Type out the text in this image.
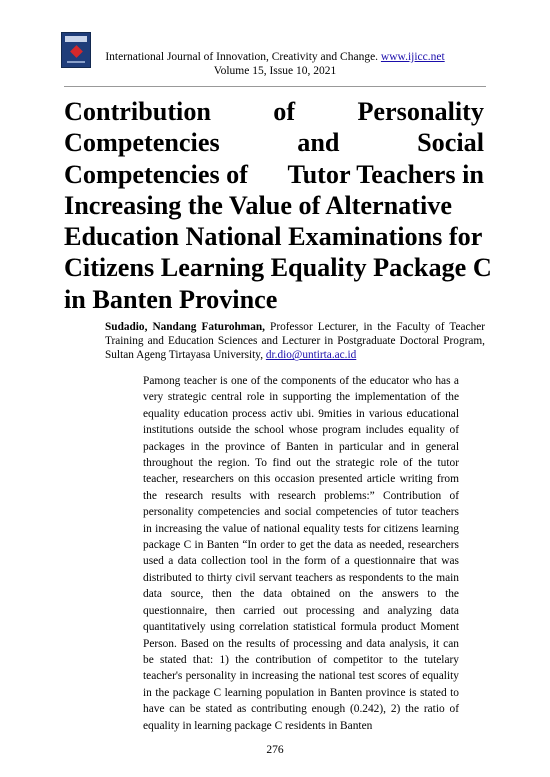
International Journal of Innovation, Creativity and Change. www.ijicc.net
Volume 15, Issue 10, 2021
Contribution of Personality
Competencies	and	Social
Competencies of Tutor Teachers in
Increasing the Value of Alternative
Education National Examinations for
Citizens Learning Equality Package C
in Banten Province
Sudadio, Nandang Faturohman, Professor Lecturer, in the Faculty of Teacher Training and Education Sciences and Lecturer in Postgraduate Doctoral Program, Sultan Ageng Tirtayasa University, dr.dio@untirta.ac.id
Pamong teacher is one of the components of the educator who has a very strategic central role in supporting the implementation of the equality education process activ ubi. 9mities in various educational institutions outside the school whose program includes equality of packages in the province of Banten in particular and in general throughout the region. To find out the strategic role of the tutor teacher, researchers on this occasion presented article writing from the research results with research problems:” Contribution of personality competencies and social competencies of tutor teachers in increasing the value of national equality tests for citizens learning package C in Banten “In order to get the data as needed, researchers used a data collection tool in the form of a questionnaire that was distributed to thirty civil servant teachers as respondents to the main data source, then the data obtained on the answers to the questionnaire, then carried out processing and analyzing data quantitatively using correlation statistical formula product Moment Person. Based on the results of processing and data analysis, it can be stated that: 1) the contribution of competitor to the tutelary teacher's personality in increasing the national test scores of equality in the package C learning population in Banten province is stated to have can be stated as contributing enough (0.242), 2) the ratio of equality in learning package C residents in Banten
276
